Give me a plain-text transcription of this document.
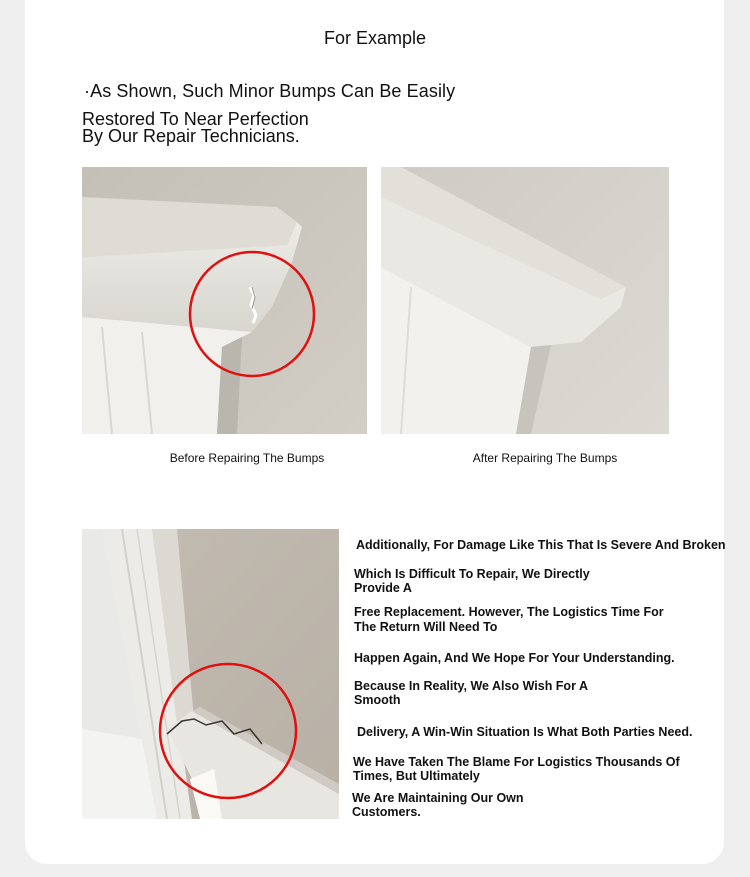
For Example
·As Shown, Such Minor Bumps Can Be Easily
Restored To Near Perfection
By Our Repair Technicians.
Before Repairing The Bumps	After Repairing The Bumps
Additionally, For Damage Like This That Is Severe And Broken
Which Is Difficult To Repair, We Directly
Provide A
Free Replacement. However, The Logistics Time For
The Return Will Need To
Happen Again, And We Hope For Your Understanding.
Because In Reality, We Also Wish For A
Smooth
Delivery, A Win-Win Situation Is What Both Parties Need.
We Have Taken The Blame For Logistics Thousands Of
Times, But Ultimately
We Are Maintaining Our Own
Customers.
